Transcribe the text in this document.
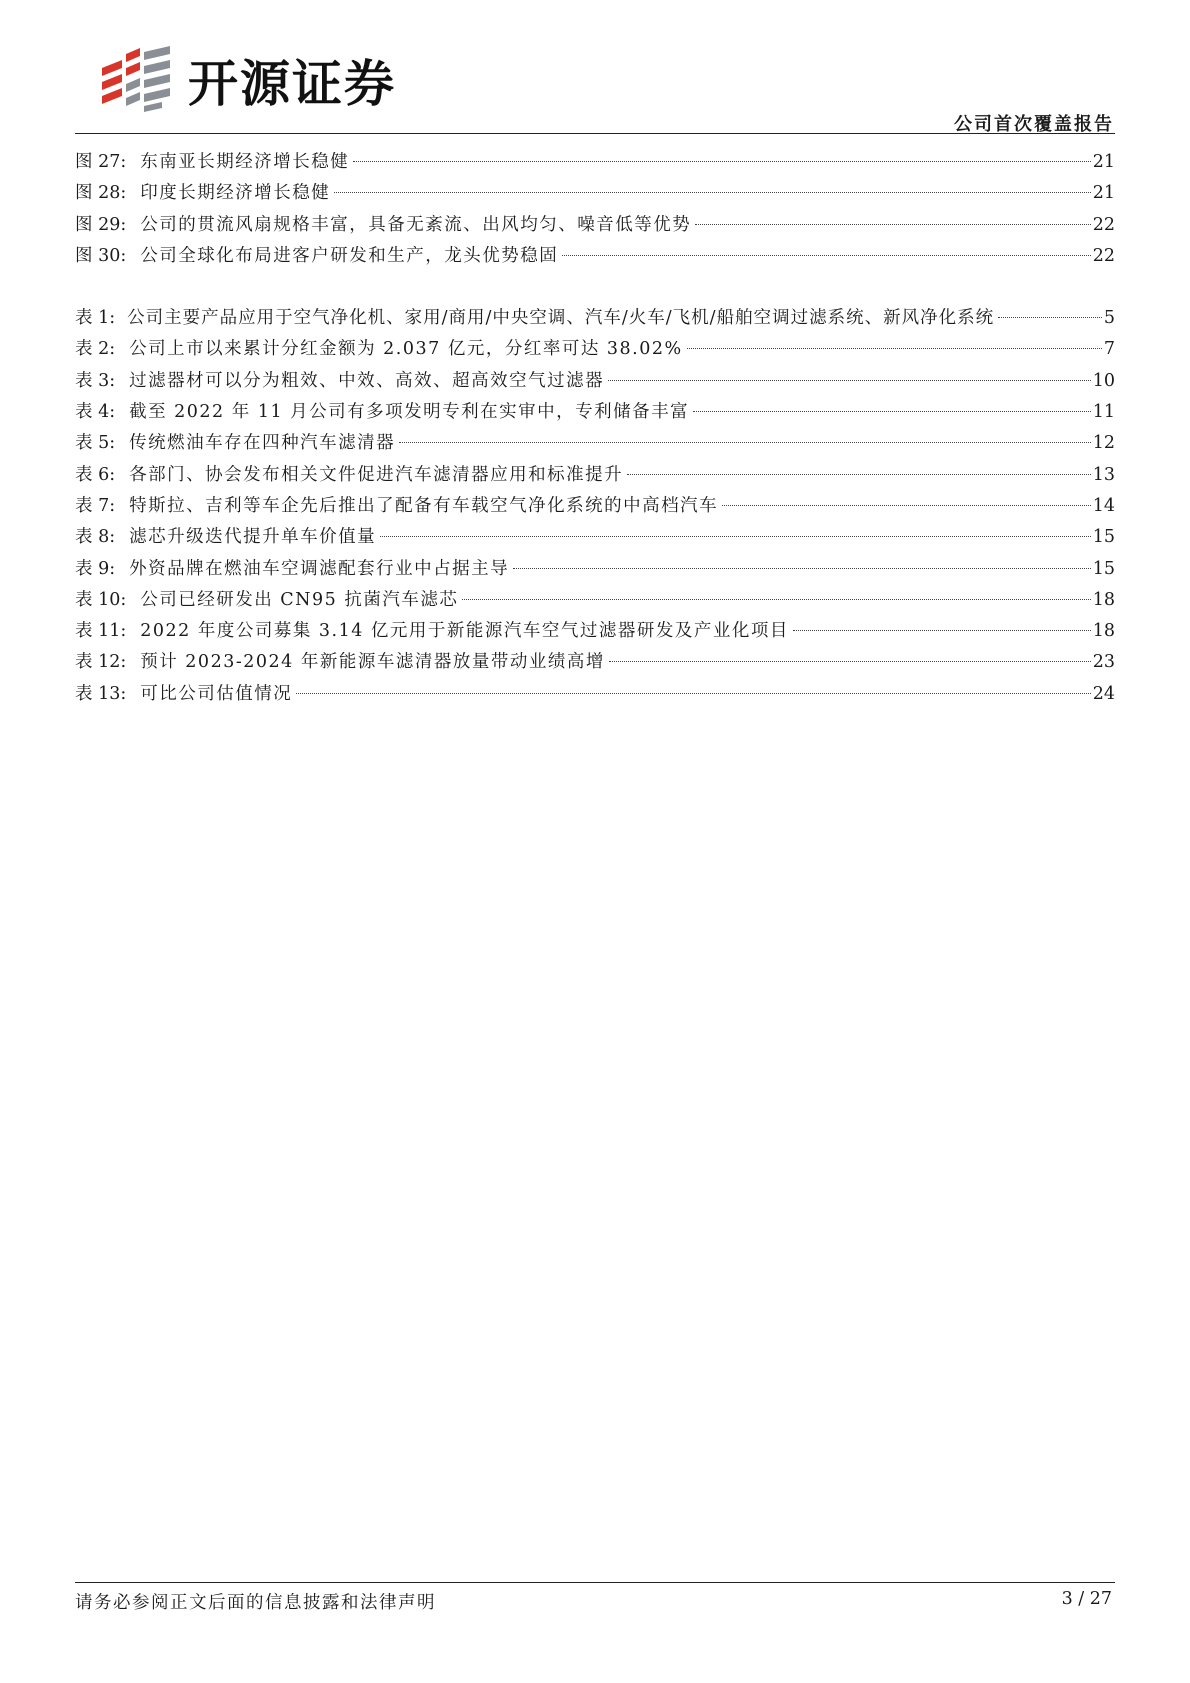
开源证券
公司首次覆盖报告
图 27: 东南亚长期经济增长稳健	21
图 28: 印度长期经济增长稳健	21
图 29: 公司的贯流风扇规格丰富，具备无紊流、出风均匀、噪音低等优势	22
图 30: 公司全球化布局进客户研发和生产，龙头优势稳固	22
表 1: 公司主要产品应用于空气净化机、家用/商用/中央空调、汽车/火车/飞机/船舶空调过滤系统、新风净化系统	5
表 2: 公司上市以来累计分红金额为 2.037 亿元，分红率可达 38.02%	7
表 3: 过滤器材可以分为粗效、中效、高效、超高效空气过滤器	10
表 4: 截至 2022 年 11 月公司有多项发明专利在实审中，专利储备丰富	11
表 5: 传统燃油车存在四种汽车滤清器	12
表 6: 各部门、协会发布相关文件促进汽车滤清器应用和标准提升	13
表 7: 特斯拉、吉利等车企先后推出了配备有车载空气净化系统的中高档汽车	14
表 8: 滤芯升级迭代提升单车价值量	15
表 9: 外资品牌在燃油车空调滤配套行业中占据主导	15
表 10: 公司已经研发出 CN95 抗菌汽车滤芯	18
表 11: 2022 年度公司募集 3.14 亿元用于新能源汽车空气过滤器研发及产业化项目	18
表 12: 预计 2023-2024 年新能源车滤清器放量带动业绩高增	23
表 13: 可比公司估值情况	24
请务必参阅正文后面的信息披露和法律声明	3 / 27
